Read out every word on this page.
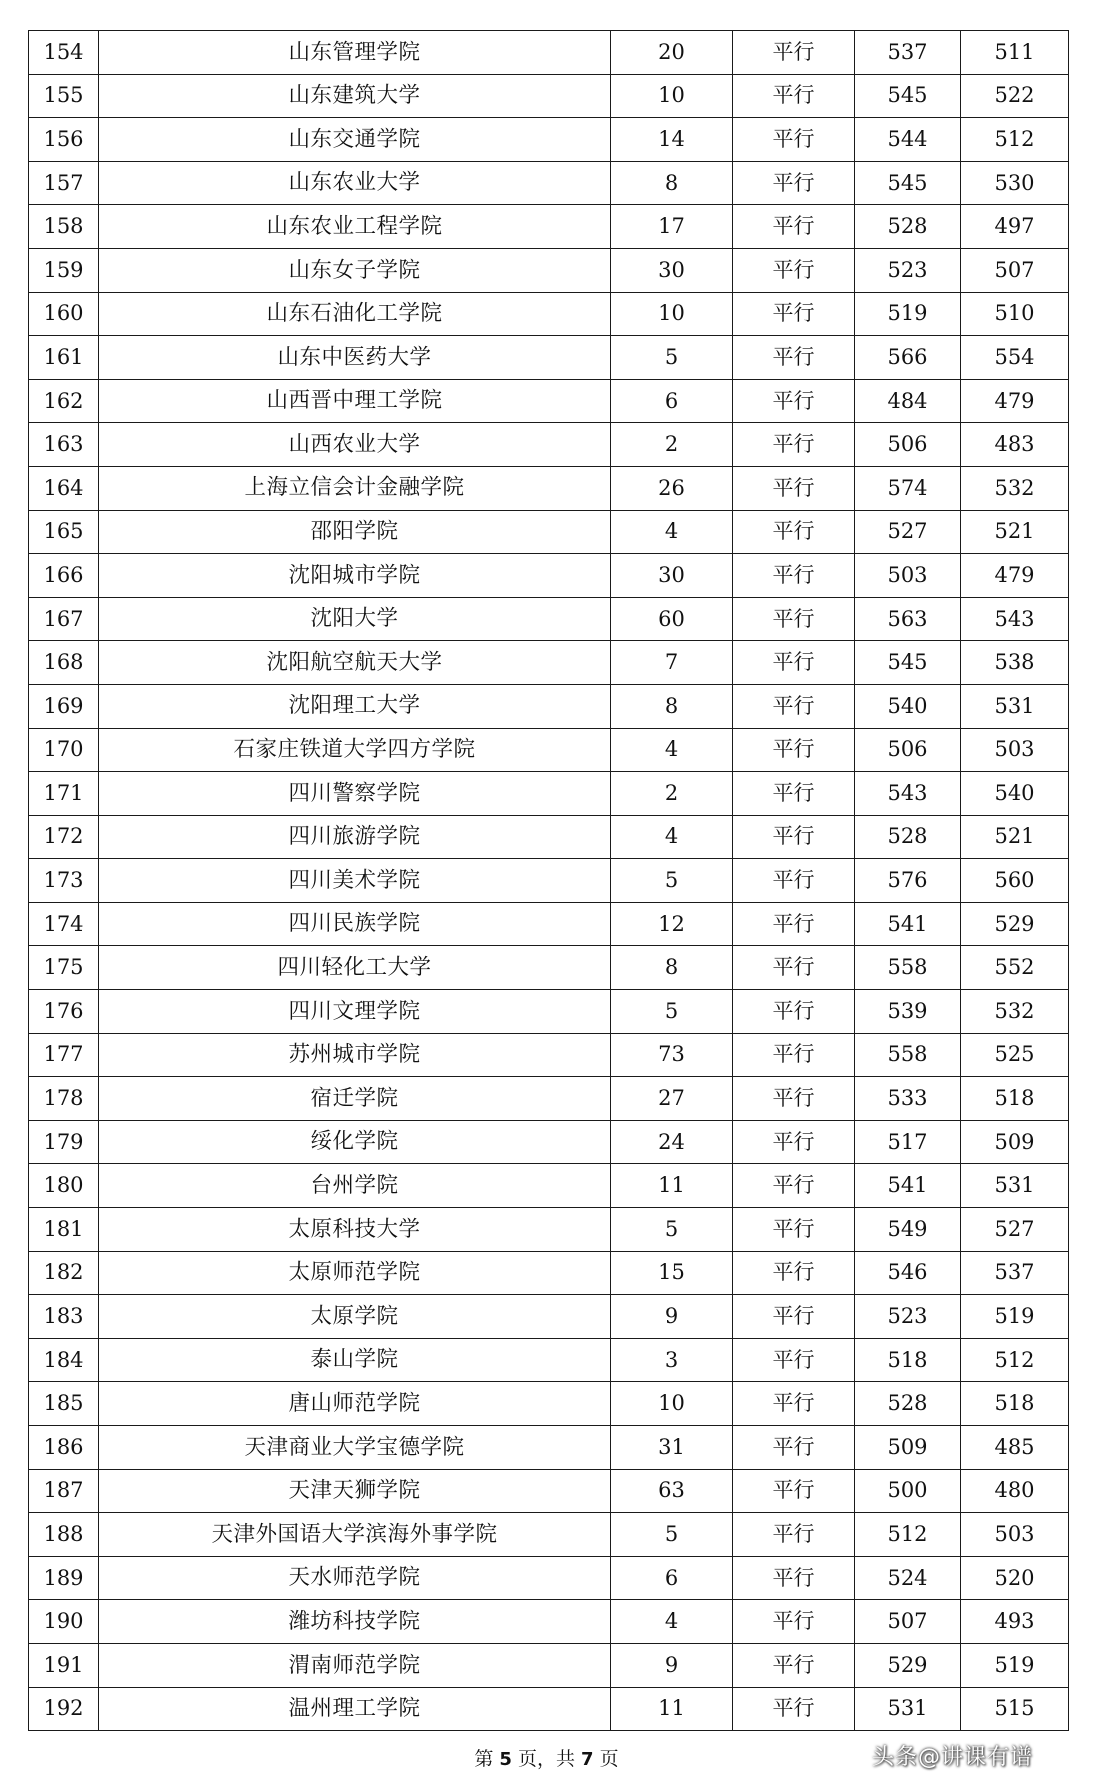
154	山东管理学院	20	平行	537	511
155	山东建筑大学	10	平行	545	522
156	山东交通学院	14	平行	544	512
157	山东农业大学	8	平行	545	530
158	山东农业工程学院	17	平行	528	497
159	山东女子学院	30	平行	523	507
160	山东石油化工学院	10	平行	519	510
161	山东中医药大学	5	平行	566	554
162	山西晋中理工学院	6	平行	484	479
163	山西农业大学	2	平行	506	483
164	上海立信会计金融学院	26	平行	574	532
165	邵阳学院	4	平行	527	521
166	沈阳城市学院	30	平行	503	479
167	沈阳大学	60	平行	563	543
168	沈阳航空航天大学	7	平行	545	538
169	沈阳理工大学	8	平行	540	531
170	石家庄铁道大学四方学院	4	平行	506	503
171	四川警察学院	2	平行	543	540
172	四川旅游学院	4	平行	528	521
173	四川美术学院	5	平行	576	560
174	四川民族学院	12	平行	541	529
175	四川轻化工大学	8	平行	558	552
176	四川文理学院	5	平行	539	532
177	苏州城市学院	73	平行	558	525
178	宿迁学院	27	平行	533	518
179	绥化学院	24	平行	517	509
180	台州学院	11	平行	541	531
181	太原科技大学	5	平行	549	527
182	太原师范学院	15	平行	546	537
183	太原学院	9	平行	523	519
184	泰山学院	3	平行	518	512
185	唐山师范学院	10	平行	528	518
186	天津商业大学宝德学院	31	平行	509	485
187	天津天狮学院	63	平行	500	480
188	天津外国语大学滨海外事学院	5	平行	512	503
189	天水师范学院	6	平行	524	520
190	潍坊科技学院	4	平行	507	493
191	渭南师范学院	9	平行	529	519
192	温州理工学院	11	平行	531	515
第 5 页，共 7 页	头条@讲课有谱
